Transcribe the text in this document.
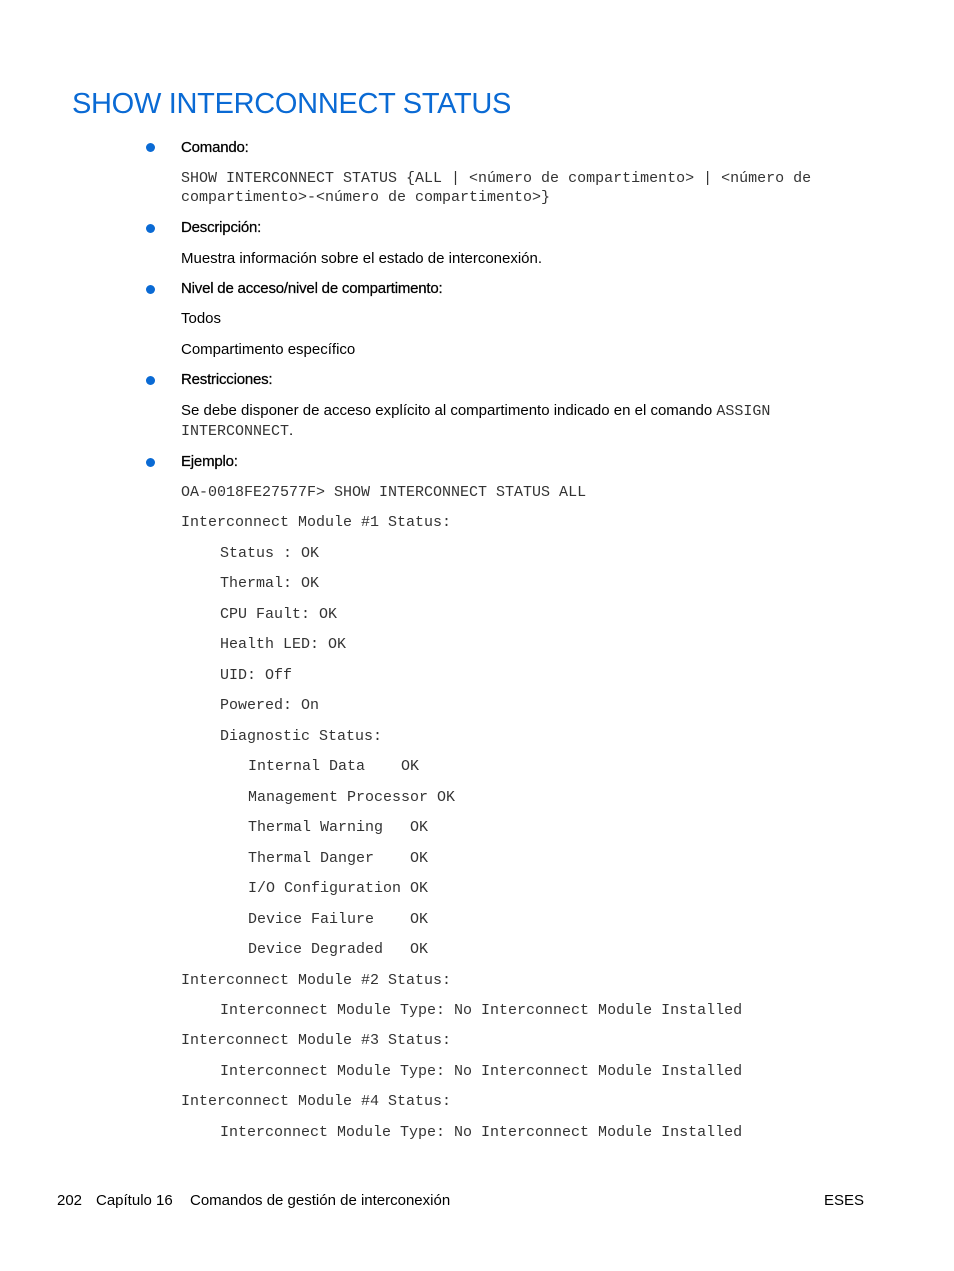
SHOW INTERCONNECT STATUS
Comando:
SHOW INTERCONNECT STATUS {ALL | <número de compartimento> | <número de
compartimento>-<número de compartimento>}
Descripción:
Muestra información sobre el estado de interconexión.
Nivel de acceso/nivel de compartimento:
Todos
Compartimento específico
Restricciones:
Se debe disponer de acceso explícito al compartimento indicado en el comando ASSIGN
INTERCONNECT.
Ejemplo:
OA-0018FE27577F> SHOW INTERCONNECT STATUS ALL
Interconnect Module #1 Status:
Status : OK
Thermal: OK
CPU Fault: OK
Health LED: OK
UID: Off
Powered: On
Diagnostic Status:
Internal Data    OK
Management Processor OK
Thermal Warning   OK
Thermal Danger    OK
I/O Configuration OK
Device Failure    OK
Device Degraded   OK
Interconnect Module #2 Status:
Interconnect Module Type: No Interconnect Module Installed
Interconnect Module #3 Status:
Interconnect Module Type: No Interconnect Module Installed
Interconnect Module #4 Status:
Interconnect Module Type: No Interconnect Module Installed
202 Capítulo 16 Comandos de gestión de interconexión	ESES
